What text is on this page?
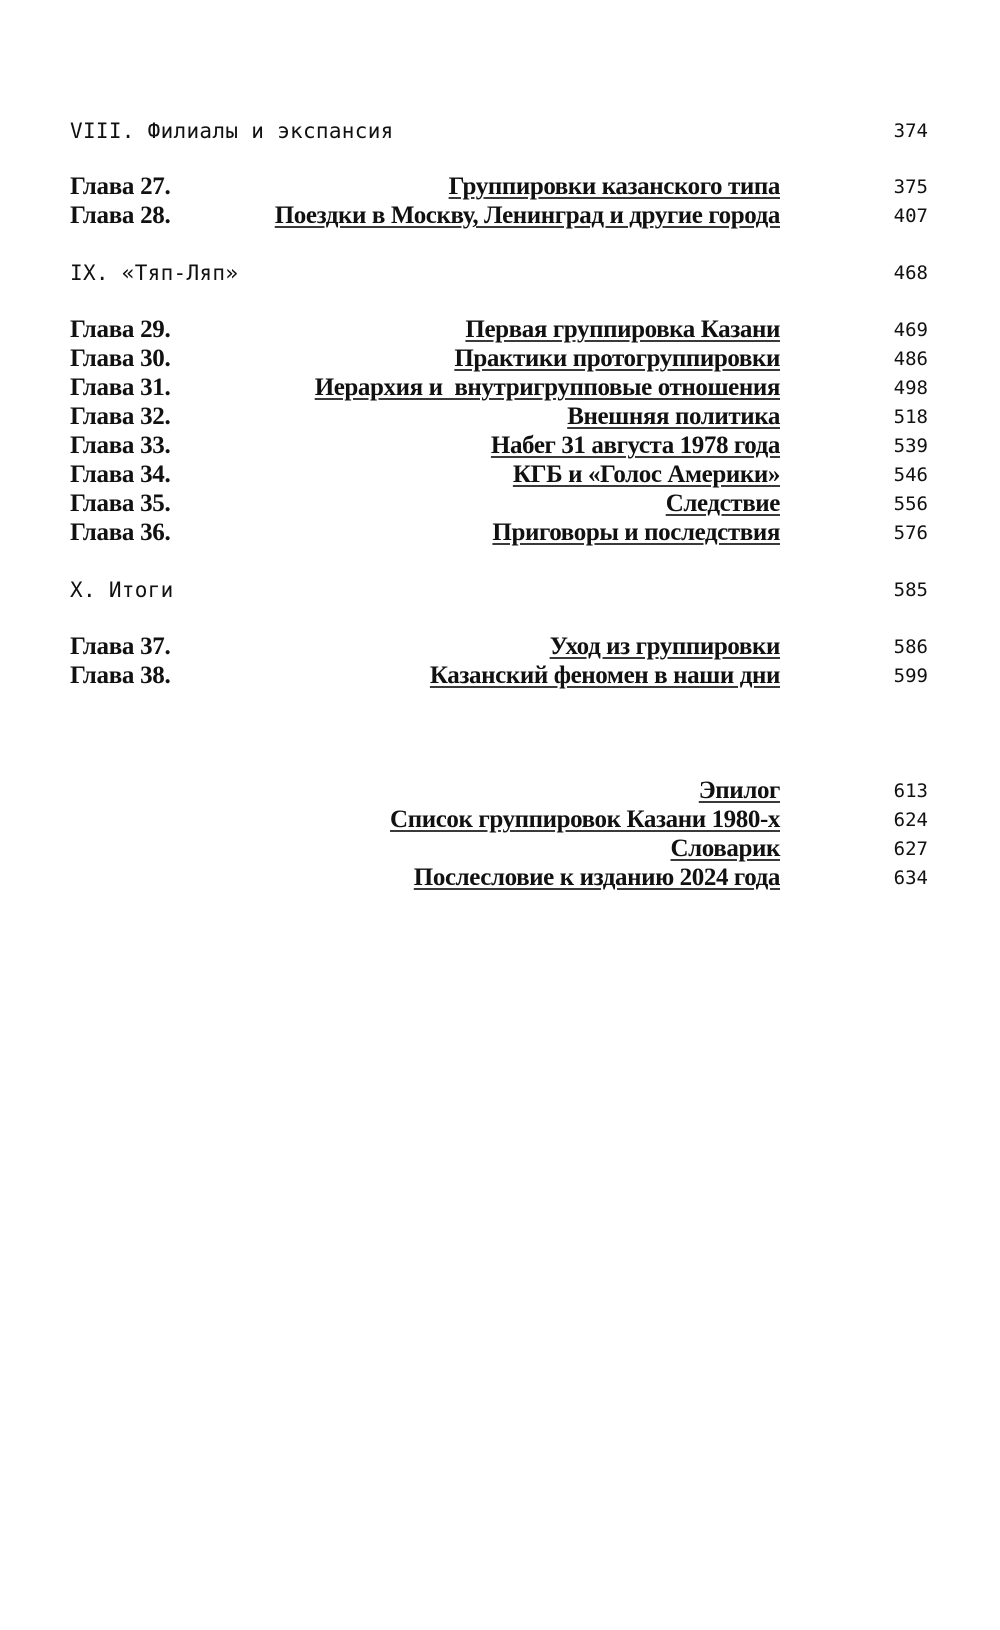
VIII. Филиалы и экспансия	374
Глава 27.	Группировки казанского типа	375
Глава 28.	Поездки в Москву, Ленинград и другие города	407
IX. «Тяп-Ляп»	468
Глава 29.	Первая группировка Казани	469
Глава 30.	Практики протогруппировки	486
Глава 31.	Иерархия и  внутригрупповые отношения	498
Глава 32.	Внешняя политика	518
Глава 33.	Набег 31 августа 1978 года	539
Глава 34.	КГБ и «Голос Америки»	546
Глава 35.	Следствие	556
Глава 36.	Приговоры и последствия	576
X. Итоги	585
Глава 37.	Уход из группировки	586
Глава 38.	Казанский феномен в наши дни	599
Эпилог	613
Список группировок Казани 1980-х	624
Словарик	627
Послесловие к изданию 2024 года	634
